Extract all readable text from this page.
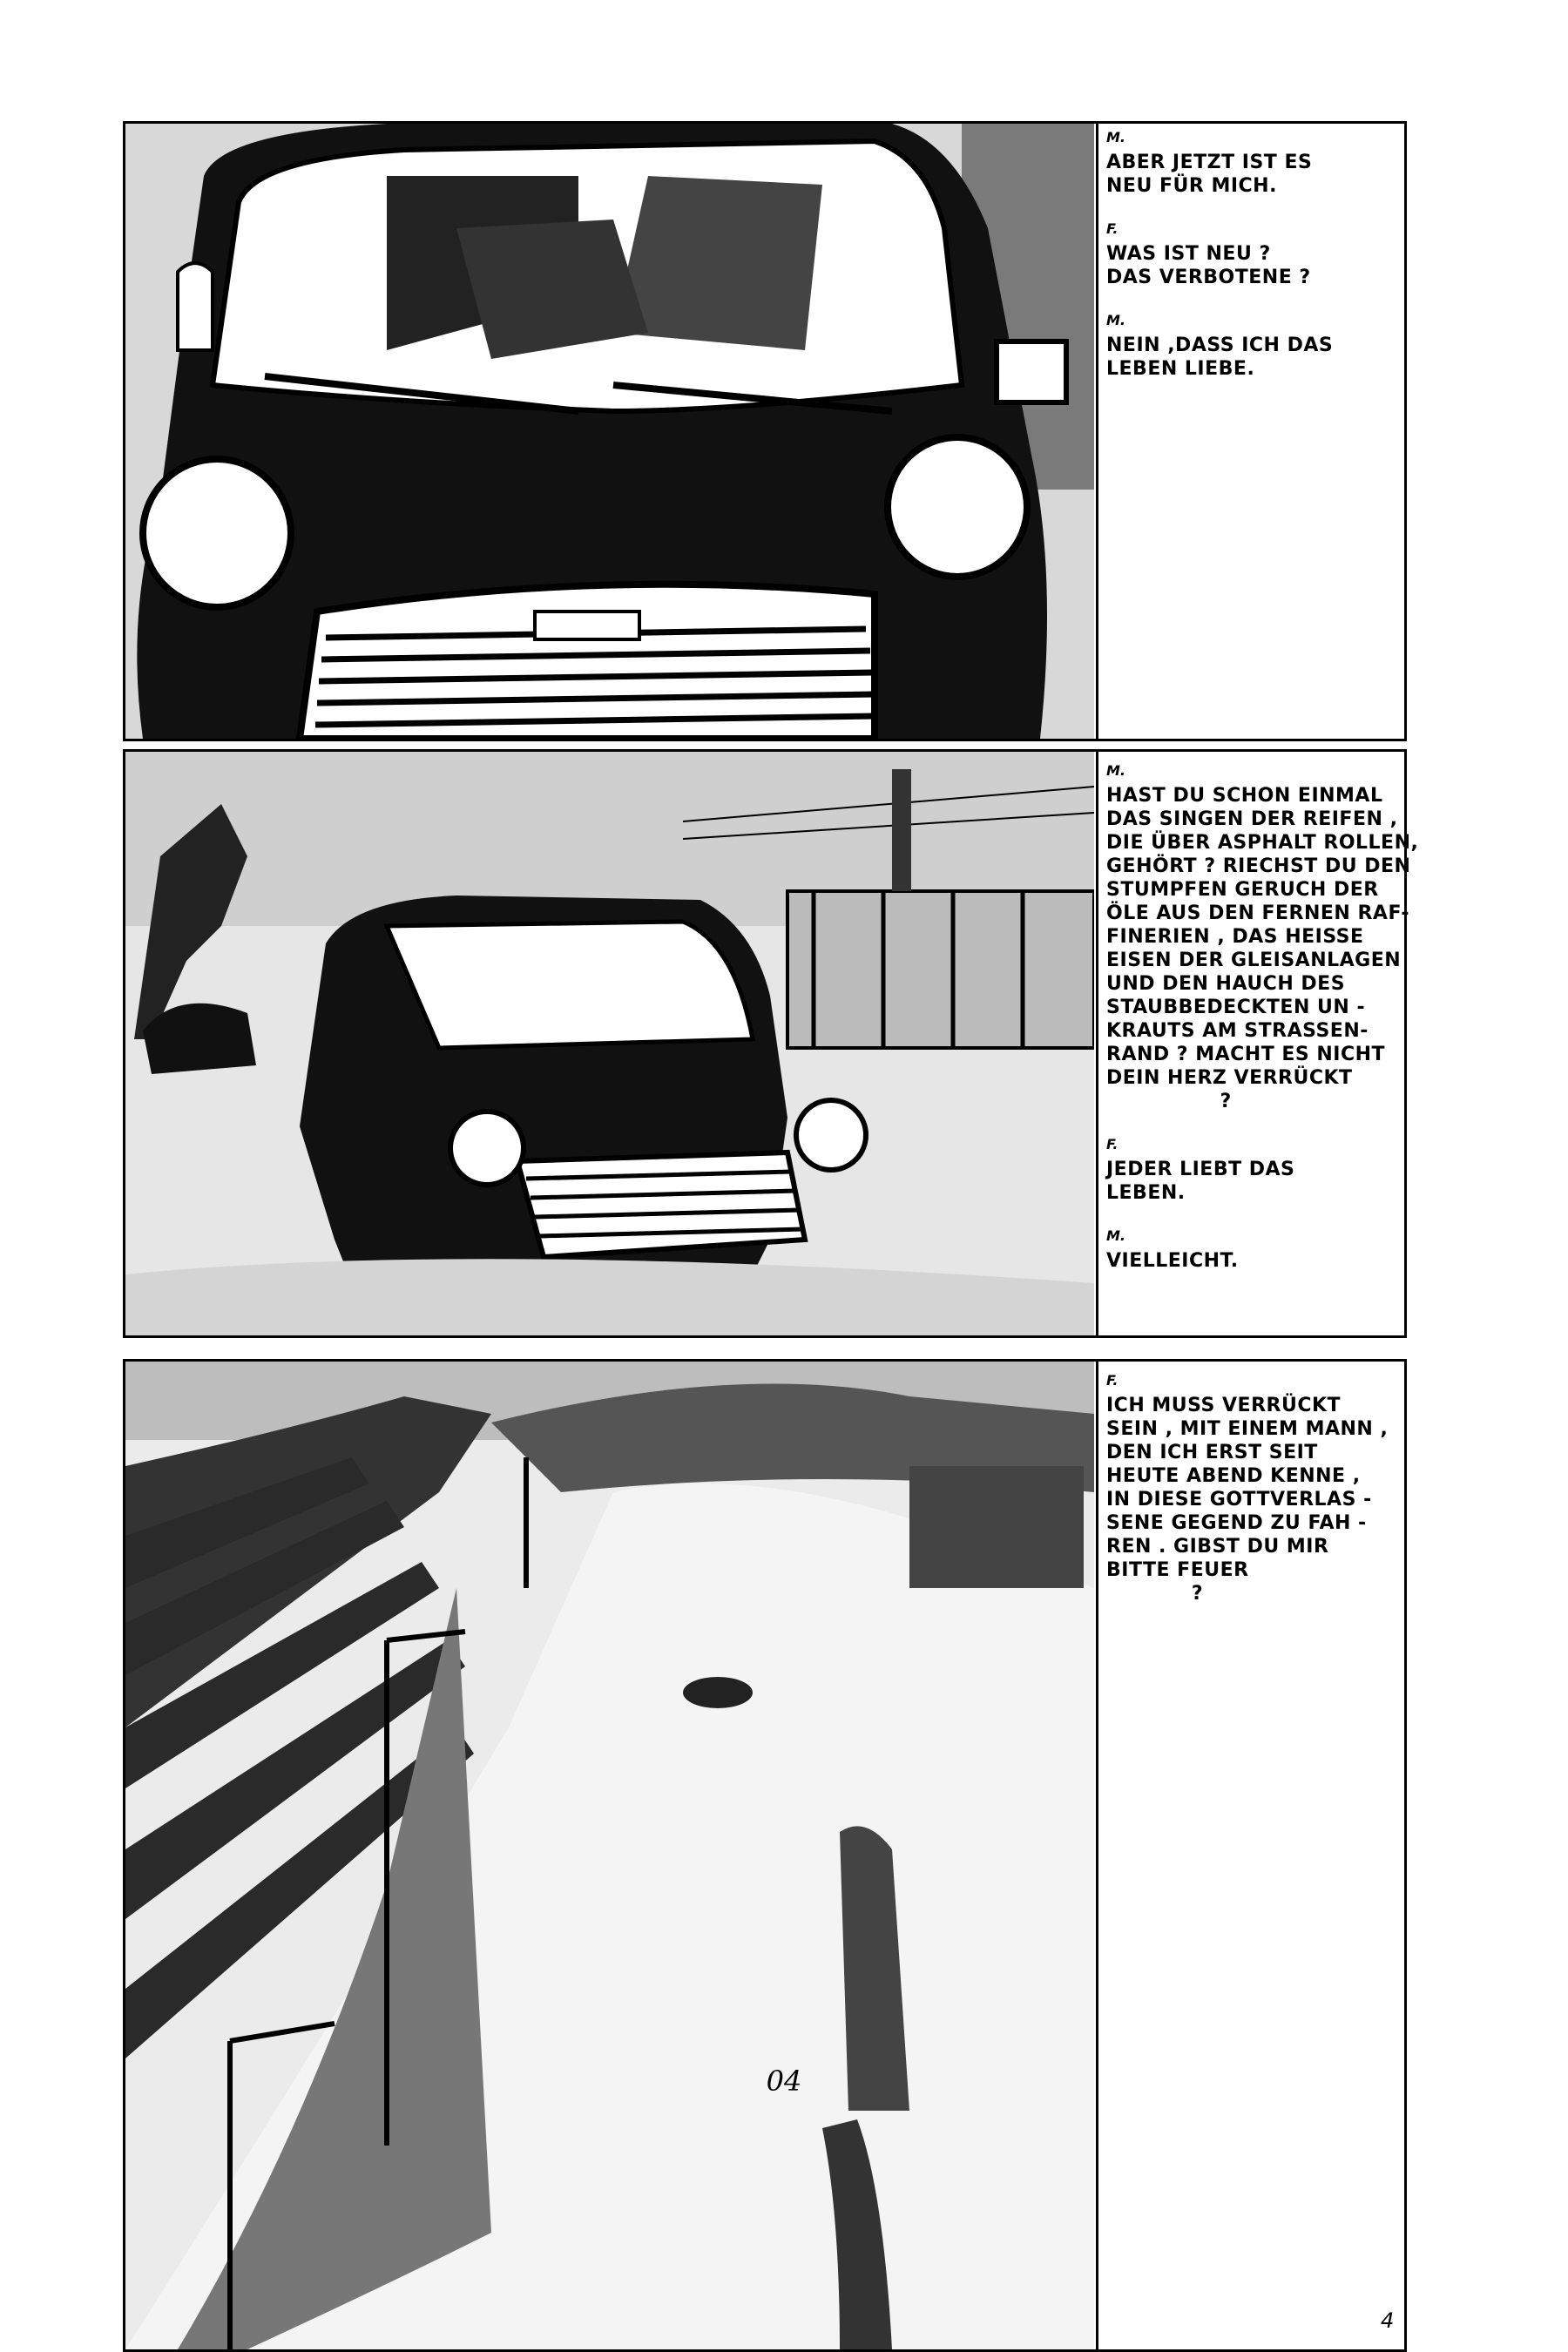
M.
ABER JETZT IST ES
NEU FÜR MICH.
F.
WAS IST NEU ?
DAS VERBOTENE ?
M.
NEIN ,DASS ICH DAS
LEBEN LIEBE.
M.
HAST DU SCHON EINMAL
DAS SINGEN DER REIFEN ,
DIE ÜBER ASPHALT ROLLEN,
GEHÖRT ? RIECHST DU DEN
STUMPFEN GERUCH DER
ÖLE AUS DEN FERNEN RAF-
FINERIEN , DAS HEISSE
EISEN DER GLEISANLAGEN
UND DEN HAUCH DES
STAUBBEDECKTEN UN -
KRAUTS AM STRASSEN-
RAND ? MACHT ES NICHT
DEIN HERZ VERRÜCKT
?
F.
JEDER LIEBT DAS
LEBEN.
M.
VIELLEICHT.
F.
ICH MUSS VERRÜCKT
SEIN , MIT EINEM MANN ,
DEN ICH ERST SEIT
HEUTE ABEND KENNE ,
IN DIESE GOTTVERLAS -
SENE GEGEND ZU FAH -
REN . GIBST DU MIR
BITTE FEUER
?
4
04
